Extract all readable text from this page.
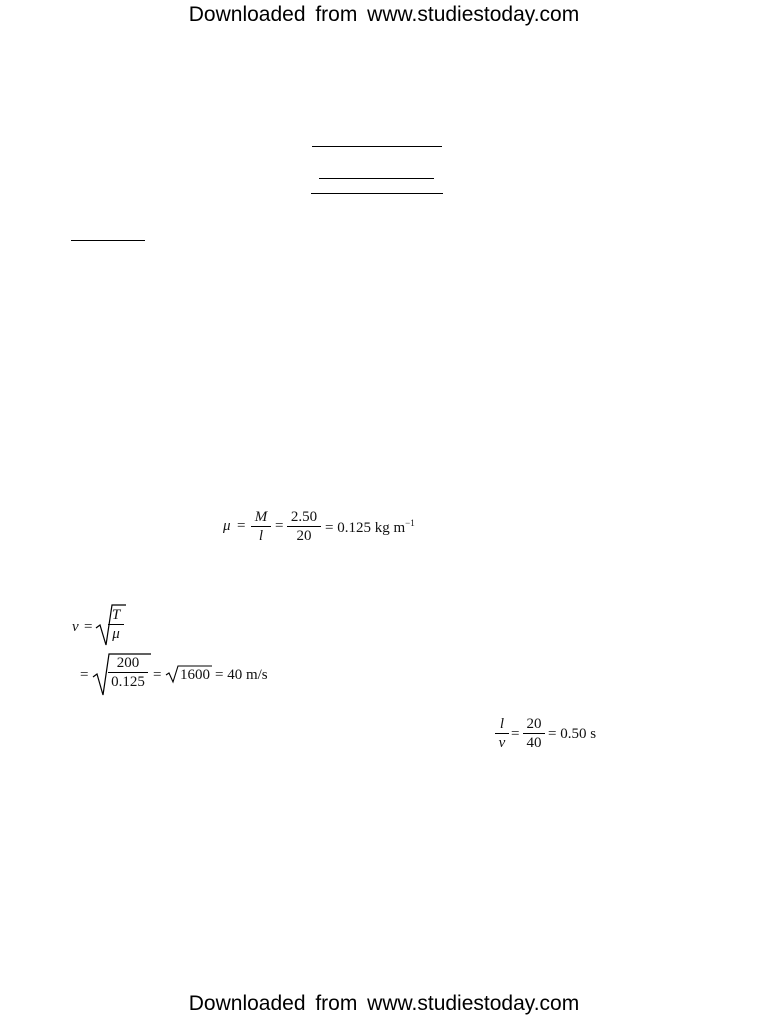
Downloaded from www.studiestoday.com
$\mu = \frac{M}{l} = \frac{2.50}{20} = 0.125$ kg $m^{-1}$
$v = \frac{T}{\mu}$
= $\frac{200}{0.125} = 1600 = 40$ m/s
$\frac{l}{v} = \frac{20}{40} = 0.50$ s
Downloaded from www.studiestoday.com
